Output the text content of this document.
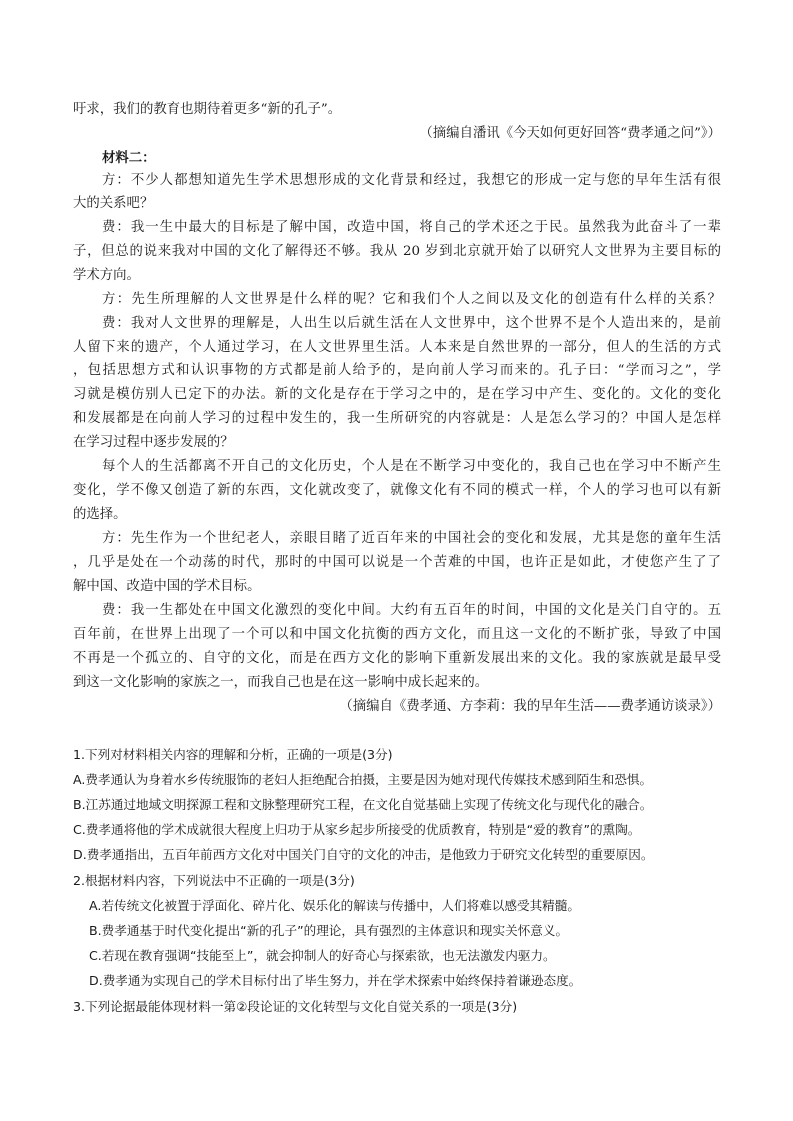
吁求，我们的教育也期待着更多“新的孔子”。
（摘编自潘讯《今天如何更好回答“费孝通之问”》）
材料二：
方：不少人都想知道先生学术思想形成的文化背景和经过，我想它的形成一定与您的早年生活有很
大的关系吧？
费：我一生中最大的目标是了解中国，改造中国，将自己的学术还之于民。虽然我为此奋斗了一辈
子，但总的说来我对中国的文化了解得还不够。我从 20 岁到北京就开始了以研究人文世界为主要目标的
学术方向。
方：先生所理解的人文世界是什么样的呢？它和我们个人之间以及文化的创造有什么样的关系？
费：我对人文世界的理解是，人出生以后就生活在人文世界中，这个世界不是个人造出来的，是前
人留下来的遗产，个人通过学习，在人文世界里生活。人本来是自然世界的一部分，但人的生活的方式
，包括思想方式和认识事物的方式都是前人给予的，是向前人学习而来的。孔子曰：“学而习之”，学
习就是模仿别人已定下的办法。新的文化是存在于学习之中的，是在学习中产生、变化的。文化的变化
和发展都是在向前人学习的过程中发生的，我一生所研究的内容就是：人是怎么学习的？中国人是怎样
在学习过程中逐步发展的？
每个人的生活都离不开自己的文化历史，个人是在不断学习中变化的，我自己也在学习中不断产生
变化，学不像又创造了新的东西，文化就改变了，就像文化有不同的模式一样，个人的学习也可以有新
的选择。
方：先生作为一个世纪老人，亲眼目睹了近百年来的中国社会的变化和发展，尤其是您的童年生活
，几乎是处在一个动荡的时代，那时的中国可以说是一个苦难的中国，也许正是如此，才使您产生了了
解中国、改造中国的学术目标。
费：我一生都处在中国文化激烈的变化中间。大约有五百年的时间，中国的文化是关门自守的。五
百年前，在世界上出现了一个可以和中国文化抗衡的西方文化，而且这一文化的不断扩张，导致了中国
不再是一个孤立的、自守的文化，而是在西方文化的影响下重新发展出来的文化。我的家族就是最早受
到这一文化影响的家族之一，而我自己也是在这一影响中成长起来的。
（摘编自《费孝通、方李莉：我的早年生活——费孝通访谈录》）
1.下列对材料相关内容的理解和分析，正确的一项是(3分)
A.费孝通认为身着水乡传统服饰的老妇人拒绝配合拍摄，主要是因为她对现代传媒技术感到陌生和恐惧。
B.江苏通过地域文明探源工程和文脉整理研究工程，在文化自觉基础上实现了传统文化与现代化的融合。
C.费孝通将他的学术成就很大程度上归功于从家乡起步所接受的优质教育，特别是“爱的教育”的熏陶。
D.费孝通指出，五百年前西方文化对中国关门自守的文化的冲击，是他致力于研究文化转型的重要原因。
2.根据材料内容，下列说法中不正确的一项是(3分)
A.若传统文化被置于浮面化、碎片化、娱乐化的解读与传播中，人们将难以感受其精髓。
B.费孝通基于时代变化提出“新的孔子”的理论，具有强烈的主体意识和现实关怀意义。
C.若现在教育强调“技能至上”，就会抑制人的好奇心与探索欲，也无法激发内驱力。
D.费孝通为实现自己的学术目标付出了毕生努力，并在学术探索中始终保持着谦逊态度。
3.下列论据最能体现材料一第②段论证的文化转型与文化自觉关系的一项是(3分)
